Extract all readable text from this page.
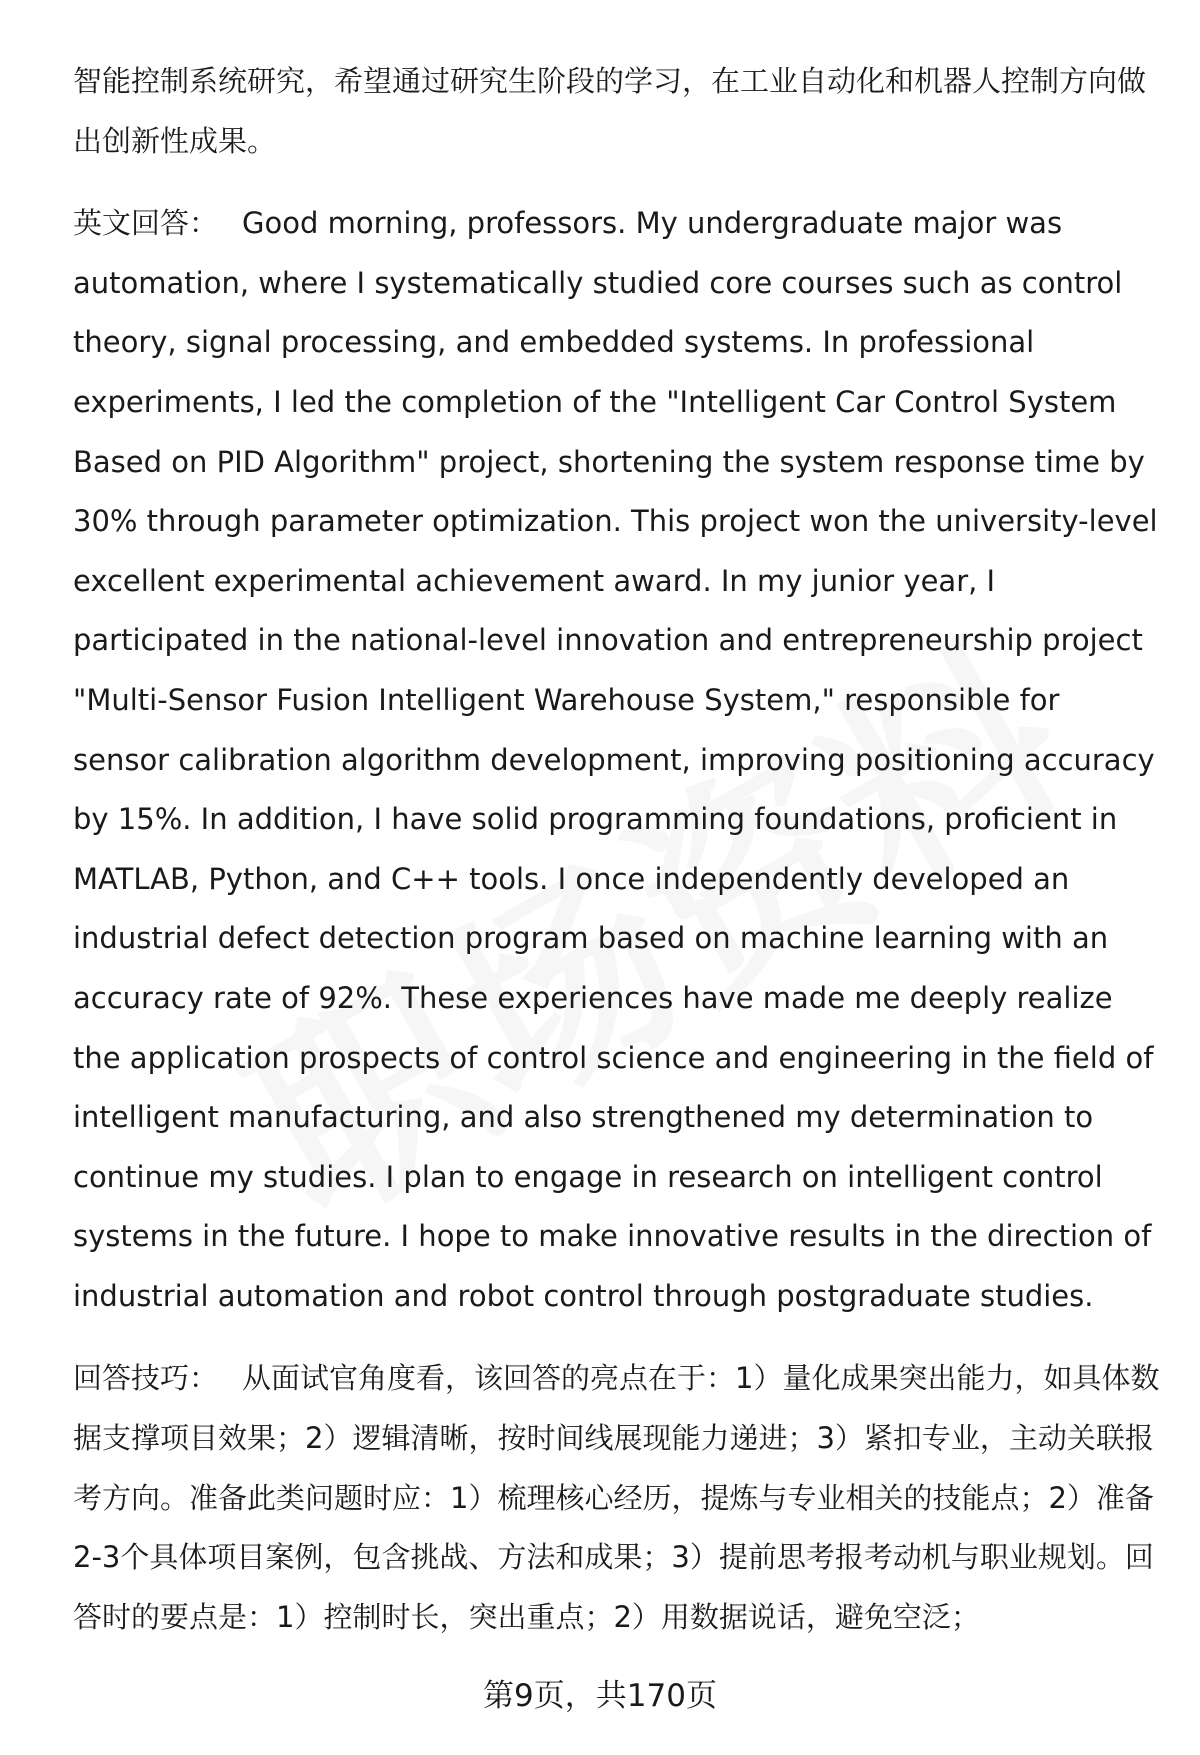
智能控制系统研究，希望通过研究生阶段的学习，在工业自动化和机器人控制方向做出创新性成果。

英文回答： Good morning, professors. My undergraduate major was automation, where I systematically studied core courses such as control theory, signal processing, and embedded systems. In professional experiments, I led the completion of the "Intelligent Car Control System Based on PID Algorithm" project, shortening the system response time by 30% through parameter optimization. This project won the university-level excellent experimental achievement award. In my junior year, I participated in the national-level innovation and entrepreneurship project "Multi-Sensor Fusion Intelligent Warehouse System," responsible for sensor calibration algorithm development, improving positioning accuracy by 15%. In addition, I have solid programming foundations, proficient in MATLAB, Python, and C++ tools. I once independently developed an industrial defect detection program based on machine learning with an accuracy rate of 92%. These experiences have made me deeply realize the application prospects of control science and engineering in the field of intelligent manufacturing, and also strengthened my determination to continue my studies. I plan to engage in research on intelligent control systems in the future. I hope to make innovative results in the direction of industrial automation and robot control through postgraduate studies.

回答技巧： 从面试官角度看，该回答的亮点在于：1）量化成果突出能力，如具体数据支撑项目效果；2）逻辑清晰，按时间线展现能力递进；3）紧扣专业，主动关联报考方向。准备此类问题时应：1）梳理核心经历，提炼与专业相关的技能点；2）准备2-3个具体项目案例，包含挑战、方法和成果；3）提前思考报考动机与职业规划。回答时的要点是：1）控制时长，突出重点；2）用数据说话，避免空泛；

第9页，共170页
